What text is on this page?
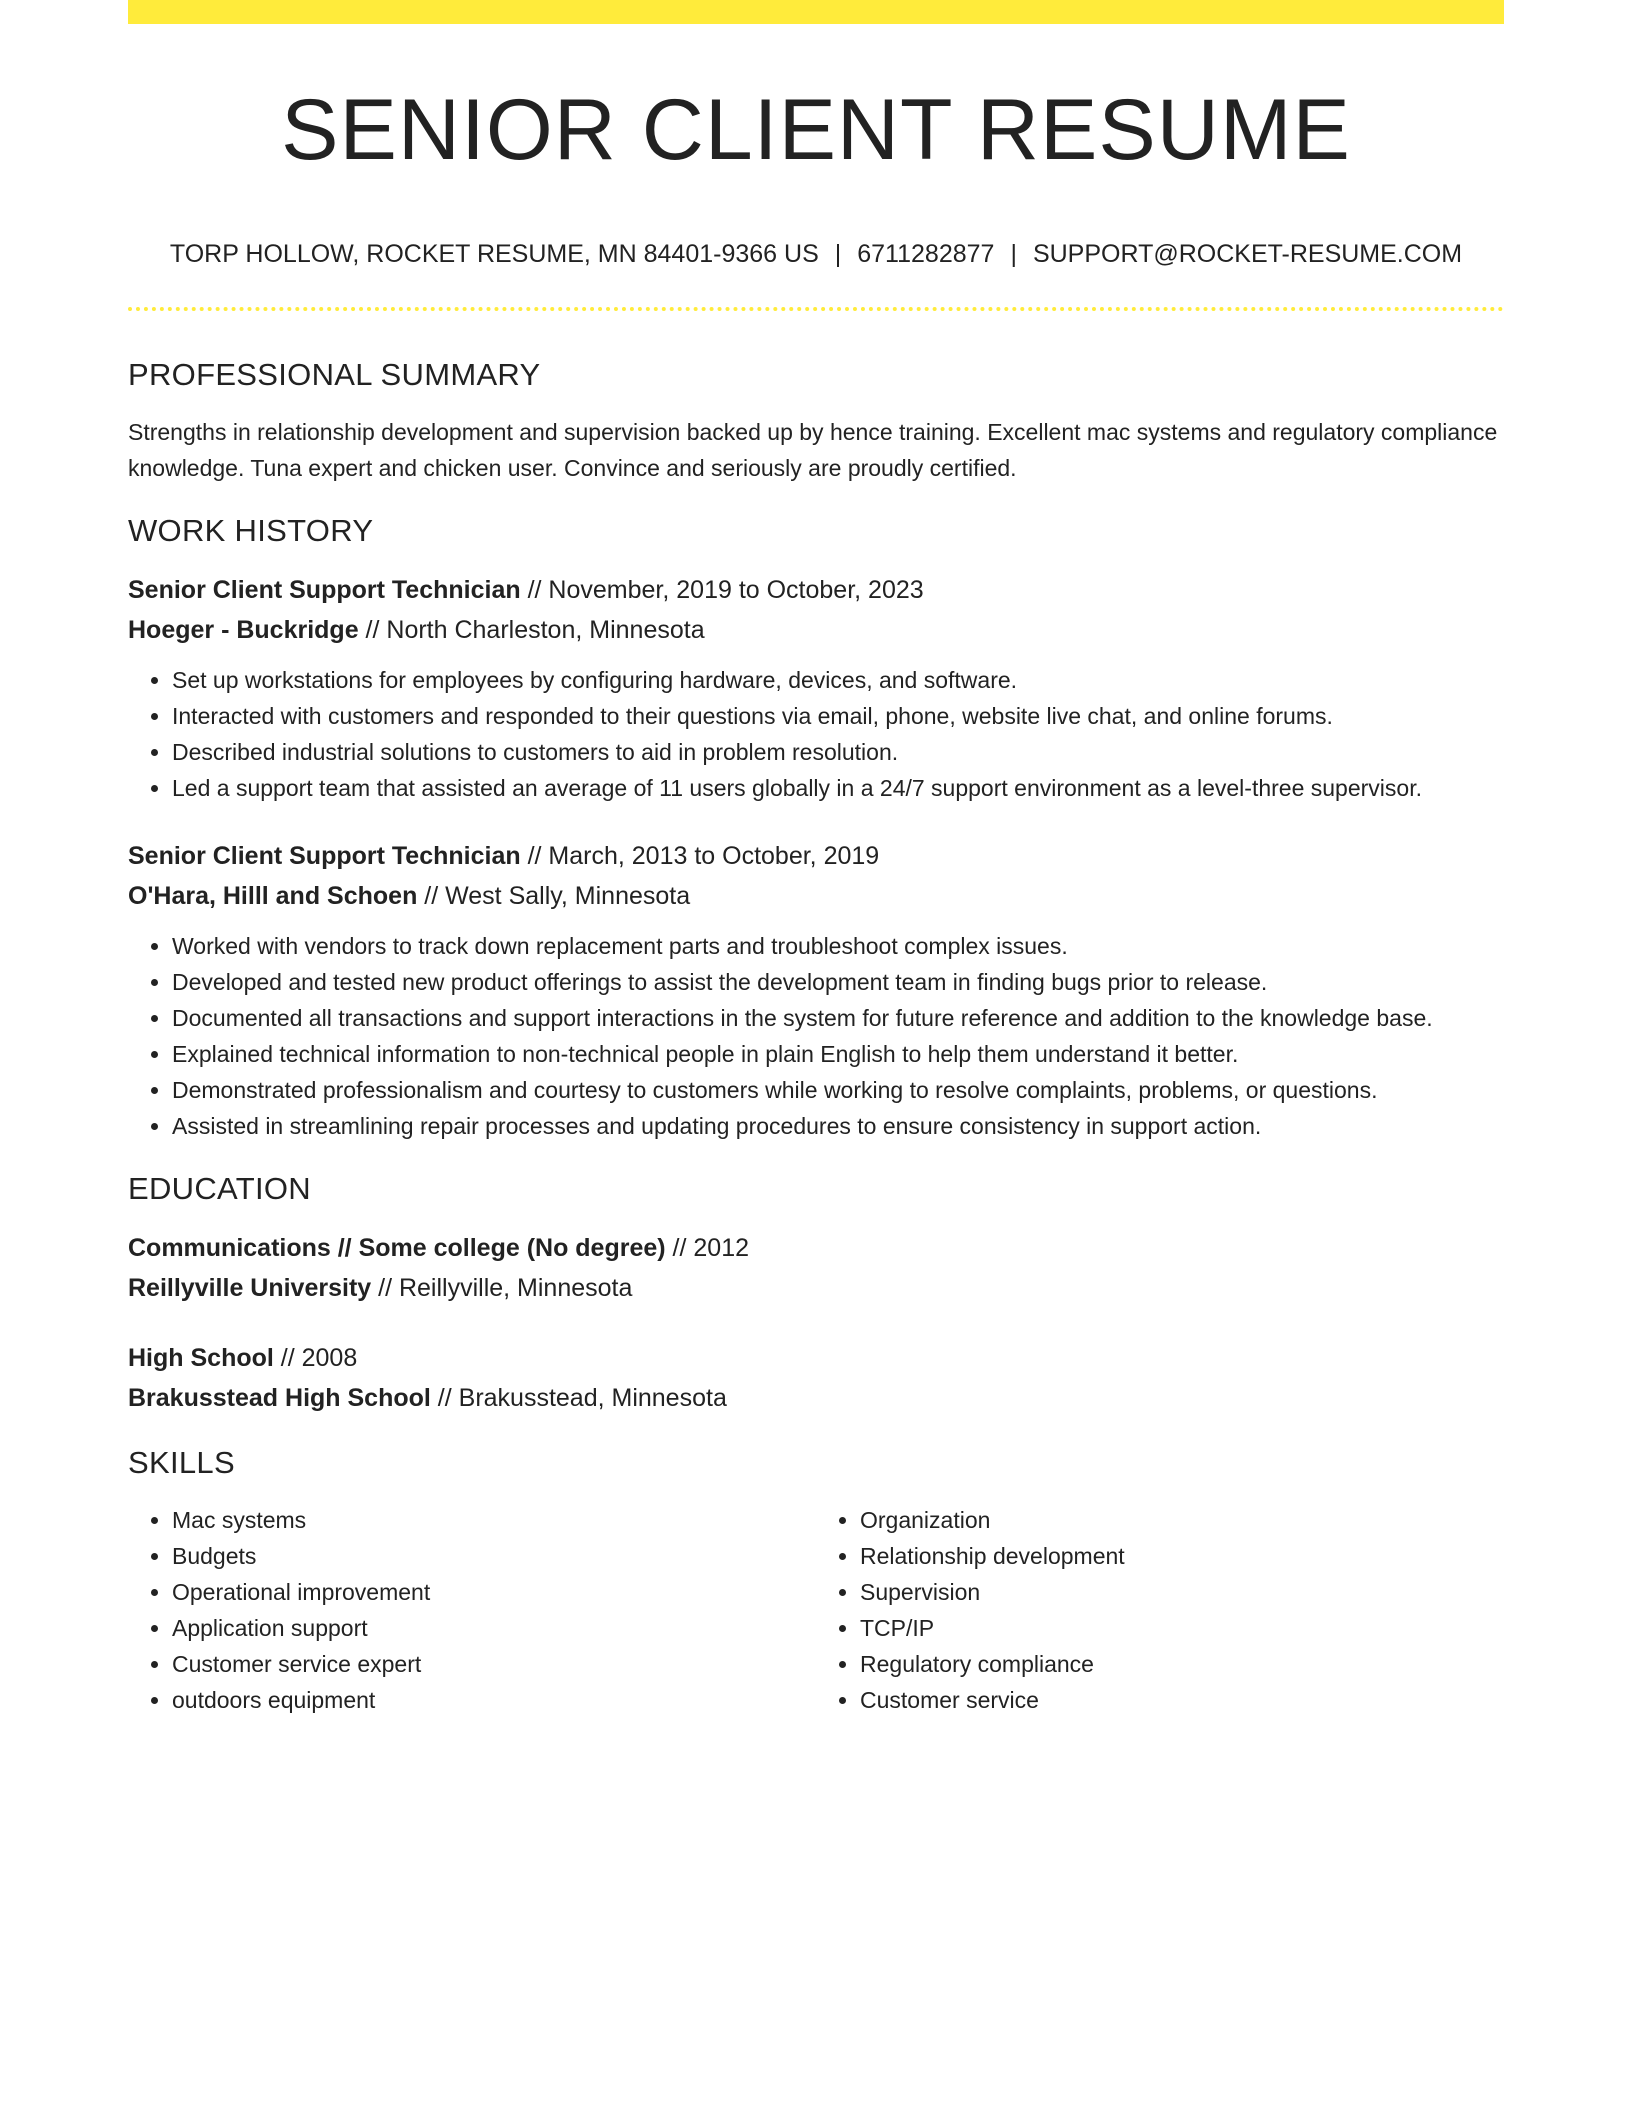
SENIOR CLIENT RESUME
TORP HOLLOW, ROCKET RESUME, MN 84401-9366 US | 6711282877 | SUPPORT@ROCKET-RESUME.COM
PROFESSIONAL SUMMARY

Strengths in relationship development and supervision backed up by hence training. Excellent mac systems and regulatory compliance knowledge. Tuna expert and chicken user. Convince and seriously are proudly certified.

WORK HISTORY

Senior Client Support Technician // November, 2019 to October, 2023

Hoeger - Buckridge // North Charleston, Minnesota

• Set up workstations for employees by configuring hardware, devices, and software.
• Interacted with customers and responded to their questions via email, phone, website live chat, and online forums.
• Described industrial solutions to customers to aid in problem resolution.
• Led a support team that assisted an average of 11 users globally in a 24/7 support environment as a level-three supervisor.

Senior Client Support Technician // March, 2013 to October, 2019

O'Hara, Hilll and Schoen // West Sally, Minnesota

• Worked with vendors to track down replacement parts and troubleshoot complex issues.
• Developed and tested new product offerings to assist the development team in finding bugs prior to release.
• Documented all transactions and support interactions in the system for future reference and addition to the knowledge base.
• Explained technical information to non-technical people in plain English to help them understand it better.
• Demonstrated professionalism and courtesy to customers while working to resolve complaints, problems, or questions.
• Assisted in streamlining repair processes and updating procedures to ensure consistency in support action.
EDUCATION

Communications // Some college (No degree) // 2012

Reillyville University // Reillyville, Minnesota

High School // 2008

Brakusstead High School // Brakusstead, Minnesota

SKILLS
• Mac systems
• Budgets
• Operational improvement
• Application support
• Customer service expert
• outdoors equipment
• Organization
• Relationship development
• Supervision
• TCP/IP
• Regulatory compliance
• Customer service
